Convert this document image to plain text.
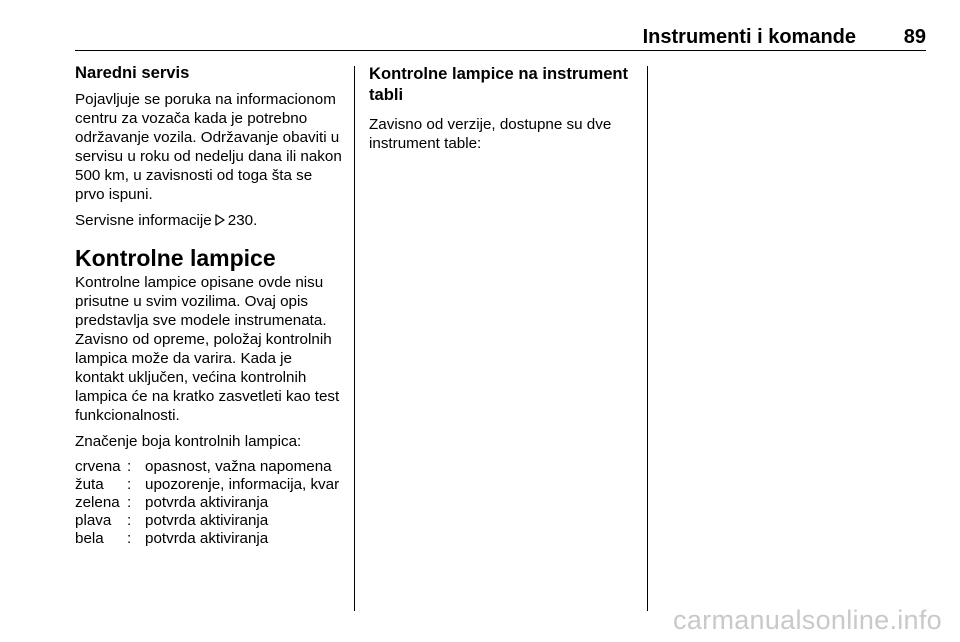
Instrumenti i komande 89
Naredni servis

Pojavljuje se poruka na informacionom centru za vozača kada je potrebno održavanje vozila. Održavanje obaviti u servisu u roku od nedelju dana ili nakon 500 km, u zavisnosti od toga šta se prvo ispuni.

Servisne informacije 230.

Kontrolne lampice

Kontrolne lampice opisane ovde nisu prisutne u svim vozilima. Ovaj opis predstavlja sve modele instrumenata. Zavisno od opreme, položaj kontrolnih lampica može da varira. Kada je kontakt uključen, većina kontrolnih lampica će na kratko zasvetleti kao test funkcionalnosti.

Značenje boja kontrolnih lampica:

crvena : opasnost, važna napomena
žuta	: upozorenje, informacija, kvar
zelena : potvrda aktiviranja
plava	: potvrda aktiviranja
bela	: potvrda aktiviranja
Kontrolne lampice na instrument tabli

Zavisno od verzije, dostupne su dve instrument table:

carmanualsonline.info
